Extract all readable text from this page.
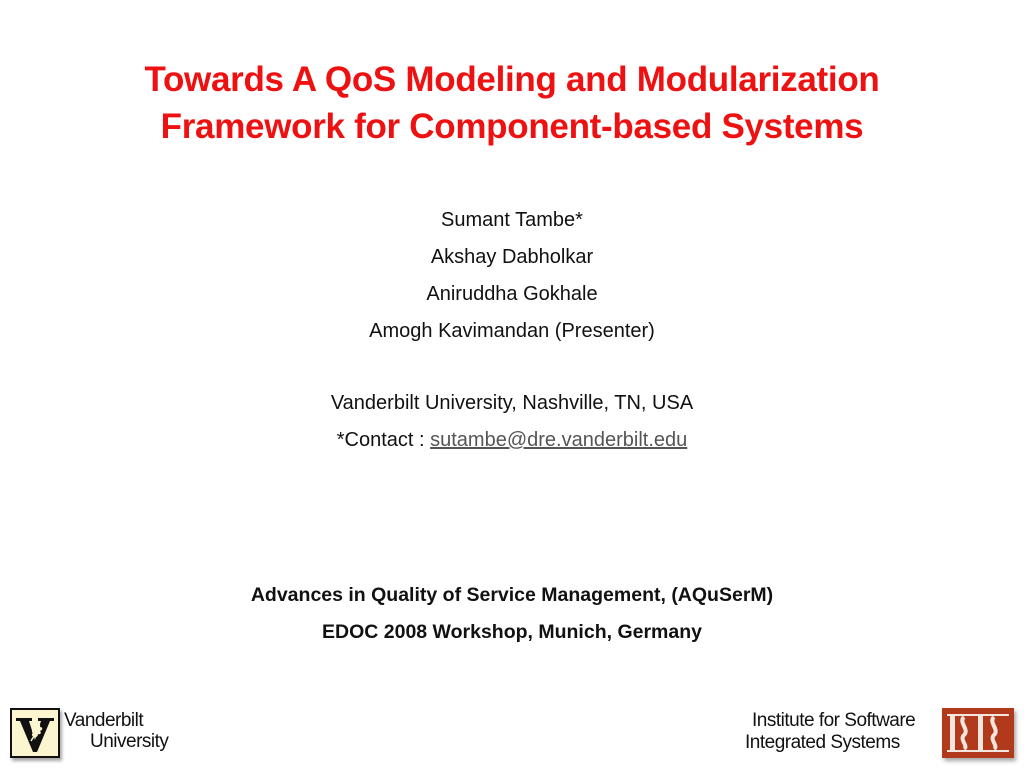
Towards A QoS Modeling and Modularization
Framework for Component-based Systems
Sumant Tambe*
Akshay Dabholkar
Aniruddha Gokhale
Amogh Kavimandan (Presenter)
Vanderbilt University, Nashville, TN, USA
*Contact : sutambe@dre.vanderbilt.edu
Advances in Quality of Service Management, (AQuSerM)
EDOC 2008 Workshop, Munich, Germany
Vanderbilt
University
Institute for Software
Integrated Systems
